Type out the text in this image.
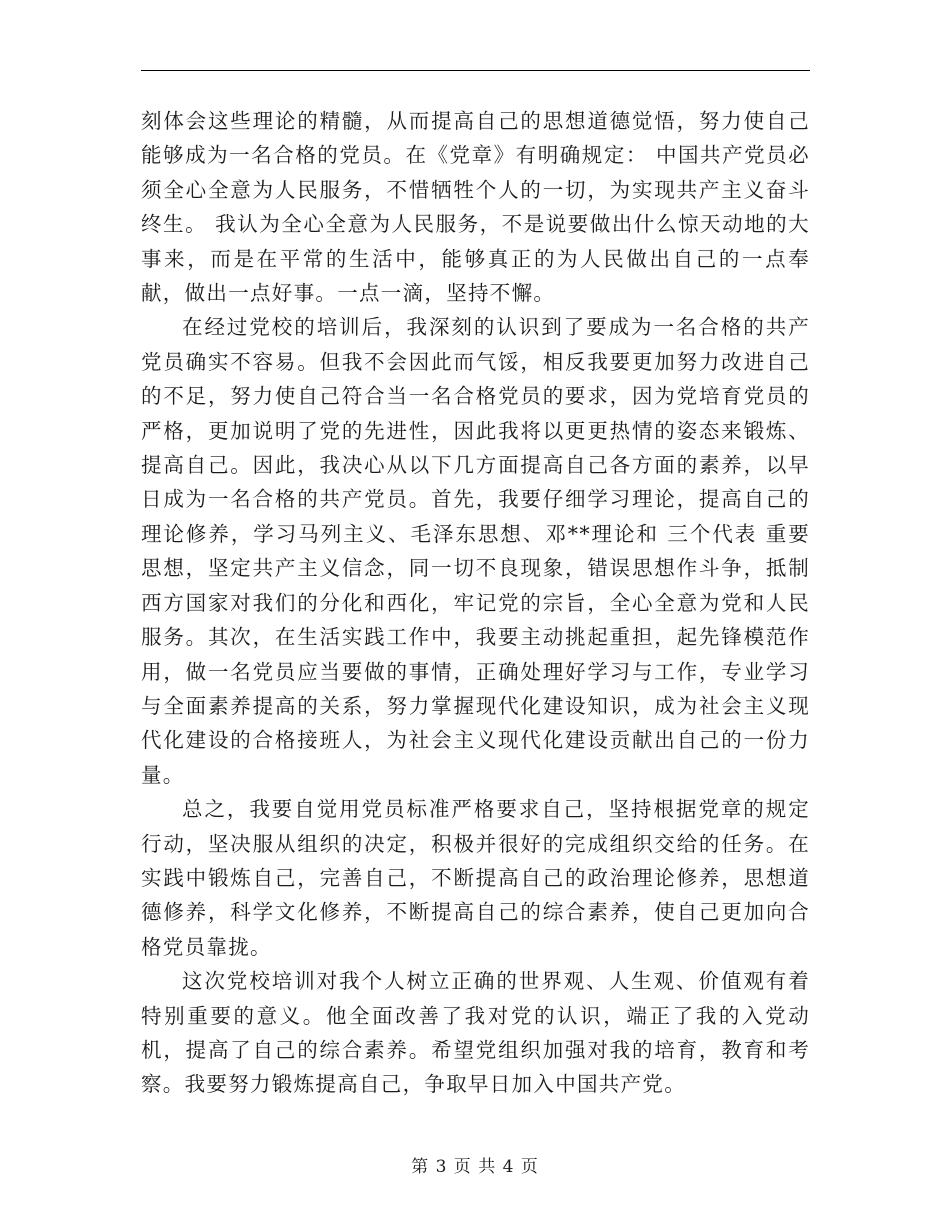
刻体会这些理论的精髓，从而提高自己的思想道德觉悟，努力使自己能够成为一名合格的党员。在《党章》有明确规定： 中国共产党员必须全心全意为人民服务，不惜牺牲个人的一切，为实现共产主义奋斗终生。 我认为全心全意为人民服务，不是说要做出什么惊天动地的大事来，而是在平常的生活中，能够真正的为人民做出自己的一点奉献，做出一点好事。一点一滴，坚持不懈。

在经过党校的培训后，我深刻的认识到了要成为一名合格的共产党员确实不容易。但我不会因此而气馁，相反我要更加努力改进自己的不足，努力使自己符合当一名合格党员的要求，因为党培育党员的严格，更加说明了党的先进性，因此我将以更更热情的姿态来锻炼、提高自己。因此，我决心从以下几方面提高自己各方面的素养，以早日成为一名合格的共产党员。首先，我要仔细学习理论，提高自己的理论修养，学习马列主义、毛泽东思想、邓**理论和 三个代表 重要思想，坚定共产主义信念，同一切不良现象，错误思想作斗争，抵制西方国家对我们的分化和西化，牢记党的宗旨，全心全意为党和人民服务。其次，在生活实践工作中，我要主动挑起重担，起先锋模范作用，做一名党员应当要做的事情，正确处理好学习与工作，专业学习与全面素养提高的关系，努力掌握现代化建设知识，成为社会主义现代化建设的合格接班人，为社会主义现代化建设贡献出自己的一份力量。

总之，我要自觉用党员标准严格要求自己，坚持根据党章的规定行动，坚决服从组织的决定，积极并很好的完成组织交给的任务。在实践中锻炼自己，完善自己，不断提高自己的政治理论修养，思想道德修养，科学文化修养，不断提高自己的综合素养，使自己更加向合格党员靠拢。

这次党校培训对我个人树立正确的世界观、人生观、价值观有着特别重要的意义。他全面改善了我对党的认识，端正了我的入党动机，提高了自己的综合素养。希望党组织加强对我的培育，教育和考察。我要努力锻炼提高自己，争取早日加入中国共产党。

第 3 页 共 4 页
